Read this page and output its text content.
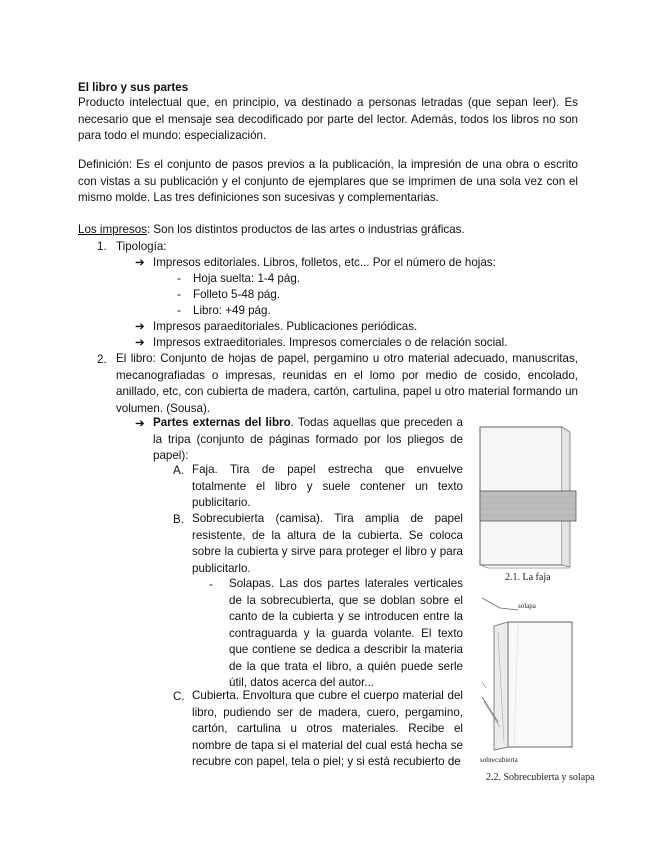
El libro y sus partes
Producto intelectual que, en principio, va destinado a personas letradas (que sepan leer). Es necesario que el mensaje sea decodificado por parte del lector. Además, todos los libros no son para todo el mundo: especialización.
Definición: Es el conjunto de pasos previos a la publicación, la impresión de una obra o escrito con vistas a su publicación y el conjunto de ejemplares que se imprimen de una sola vez con el mismo molde. Las tres definiciones son sucesivas y complementarias.
Los impresos: Son los distintos productos de las artes o industrias gráficas.
1. Tipología:
➔ Impresos editoriales. Libros, folletos, etc... Por el número de hojas:
- Hoja suelta: 1-4 pág.
- Folleto 5-48 pág.
- Libro: +49 pág.
➔ Impresos paraeditoriales. Publicaciones periódicas.
➔ Impresos extraeditoriales. Impresos comerciales o de relación social.
2. El libro: Conjunto de hojas de papel, pergamino u otro material adecuado, manuscritas, mecanografiadas o impresas, reunidas en el lomo por medio de cosido, encolado, anillado, etc, con cubierta de madera, cartón, cartulina, papel u otro material formando un volumen. (Sousa).
➔ Partes externas del libro. Todas aquellas que preceden a la tripa (conjunto de páginas formado por los pliegos de papel):
A. Faja. Tira de papel estrecha que envuelve totalmente el libro y suele contener un texto publicitario.
B. Sobrecubierta (camisa). Tira amplia de papel resistente, de la altura de la cubierta. Se coloca sobre la cubierta y sirve para proteger el libro y para publicitarlo.
- Solapas. Las dos partes laterales verticales de la sobrecubierta, que se doblan sobre el canto de la cubierta y se introducen entre la contraguarda y la guarda volante. El texto que contiene se dedica a describir la materia de la que trata el libro, a quién puede serle útil, datos acerca del autor...
C. Cubierta. Envoltura que cubre el cuerpo material del libro, pudiendo ser de madera, cuero, pergamino, cartón, cartulina u otros materiales. Recibe el nombre de tapa si el material del cual está hecha se recubre con papel, tela o piel; y si está recubierto de
2.1. La faja
solapa
sobrecubierta
2.2. Sobrecubierta y solapa
